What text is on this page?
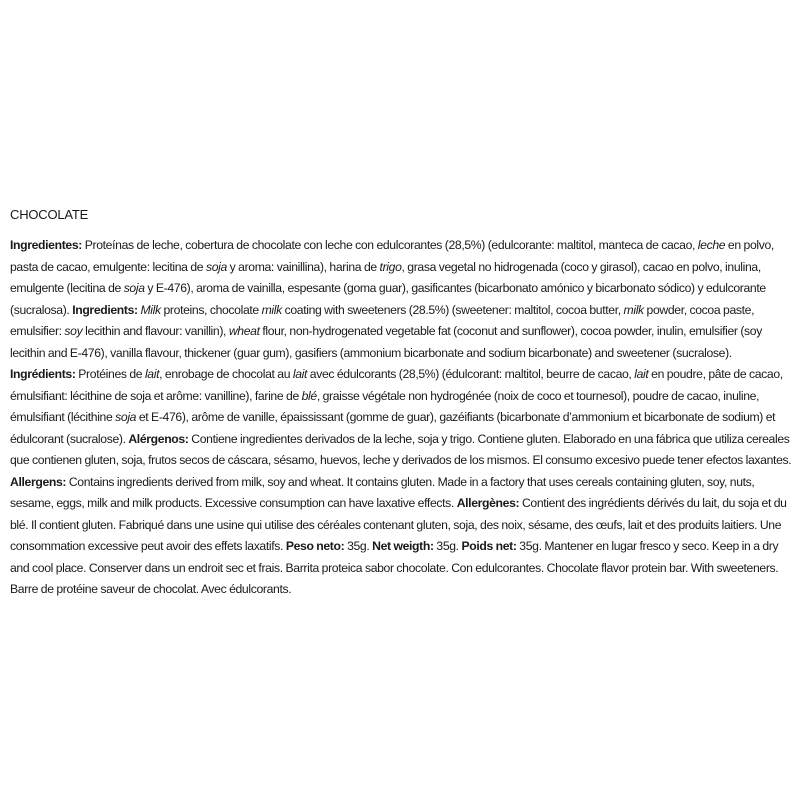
CHOCOLATE
Ingredientes: Proteínas de leche, cobertura de chocolate con leche con edulcorantes (28,5%) (edulcorante: maltitol, manteca de cacao, leche en polvo, pasta de cacao, emulgente: lecitina de soja y aroma: vainillina), harina de trigo, grasa vegetal no hidrogenada (coco y girasol), cacao en polvo, inulina, emulgente (lecitina de soja y E-476), aroma de vainilla, espesante (goma guar), gasificantes (bicarbonato amónico y bicarbonato sódico) y edulcorante (sucralosa). Ingredients: Milk proteins, chocolate milk coating with sweeteners (28.5%) (sweetener: maltitol, cocoa butter, milk powder, cocoa paste, emulsifier: soy lecithin and flavour: vanillin), wheat flour, non-hydrogenated vegetable fat (coconut and sunflower), cocoa powder, inulin, emulsifier (soy lecithin and E-476), vanilla flavour, thickener (guar gum), gasifiers (ammonium bicarbonate and sodium bicarbonate) and sweetener (sucralose). Ingrédients: Protéines de lait, enrobage de chocolat au lait avec édulcorants (28,5%) (édulcorant: maltitol, beurre de cacao, lait en poudre, pâte de cacao, émulsifiant: lécithine de soja et arôme: vanilline), farine de blé, graisse végétale non hydrogénée (noix de coco et tournesol), poudre de cacao, inuline, émulsifiant (lécithine soja et E-476), arôme de vanille, épaississant (gomme de guar), gazéifiants (bicarbonate d’ammonium et bicarbonate de sodium) et édulcorant (sucralose). Alérgenos: Contiene ingredientes derivados de la leche, soja y trigo. Contiene gluten. Elaborado en una fábrica que utiliza cereales que contienen gluten, soja, frutos secos de cáscara, sésamo, huevos, leche y derivados de los mismos. El consumo excesivo puede tener efectos laxantes. Allergens: Contains ingredients derived from milk, soy and wheat. It contains gluten. Made in a factory that uses cereals containing gluten, soy, nuts, sesame, eggs, milk and milk products. Excessive consumption can have laxative effects. Allergènes: Contient des ingrédients dérivés du lait, du soja et du blé. Il contient gluten. Fabriqué dans une usine qui utilise des céréales contenant gluten, soja, des noix, sésame, des œufs, lait et des produits laitiers. Une consommation excessive peut avoir des effets laxatifs. Peso neto: 35g. Net weigth: 35g. Poids net: 35g. Mantener en lugar fresco y seco. Keep in a dry and cool place. Conserver dans un endroit sec et frais. Barrita proteica sabor chocolate. Con edulcorantes. Chocolate flavor protein bar. With sweeteners. Barre de protéine saveur de chocolat. Avec édulcorants.
